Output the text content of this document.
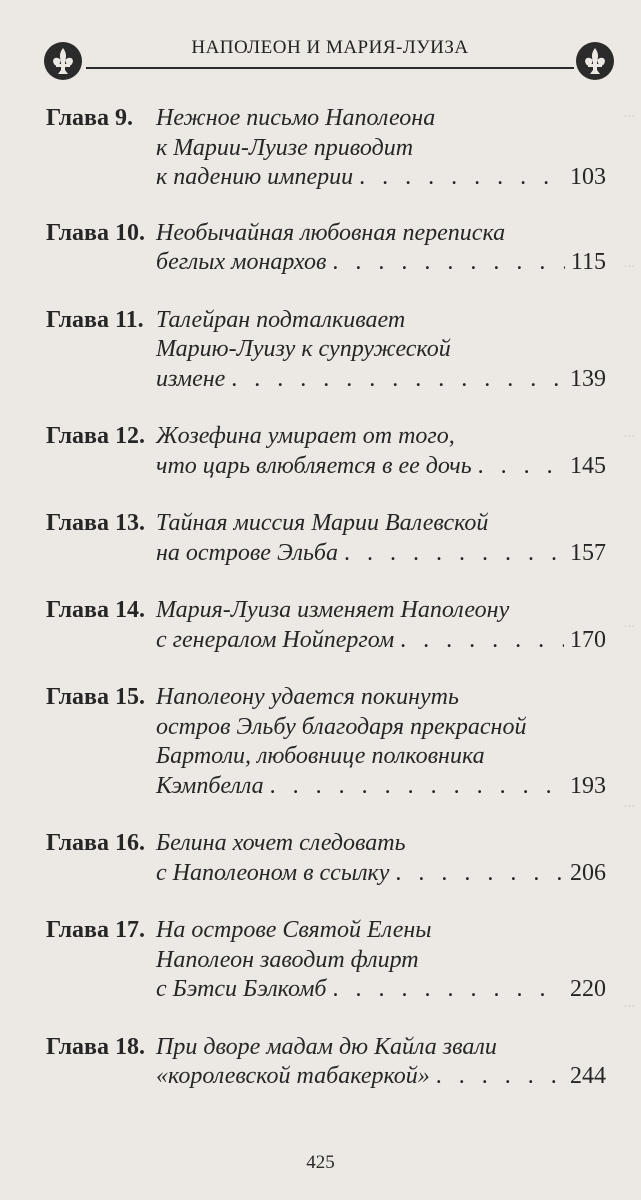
...
...
...
...
...
...
НАПОЛЕОН И МАРИЯ-ЛУИЗА
Глава 9. Нежное письмо Наполеона
к Марии-Луизе приводит
к падению империи . . .	103
Глава 10. Необычайная любовная переписка
беглых монархов . . .	115
Глава 11. Талейран подталкивает
Марию-Луизу к супружеской
измене . . .	139
Глава 12. Жозефина умирает от того,
что царь влюбляется в ее дочь . . .	145
Глава 13. Тайная миссия Марии Валевской
на острове Эльба . . .	157
Глава 14. Мария-Луиза изменяет Наполеону
с генералом Нойпергом . . .	170
Глава 15. Наполеону удается покинуть
остров Эльбу благодаря прекрасной
Бартоли, любовнице полковника
Кэмпбелла . . .	193
Глава 16. Белина хочет следовать
с Наполеоном в ссылку . . .	206
Глава 17. На острове Святой Елены
Наполеон заводит флирт
с Бэтси Бэлкомб . . .	220
Глава 18. При дворе мадам дю Кайла звали
«королевской табакеркой» . . .	244
425
